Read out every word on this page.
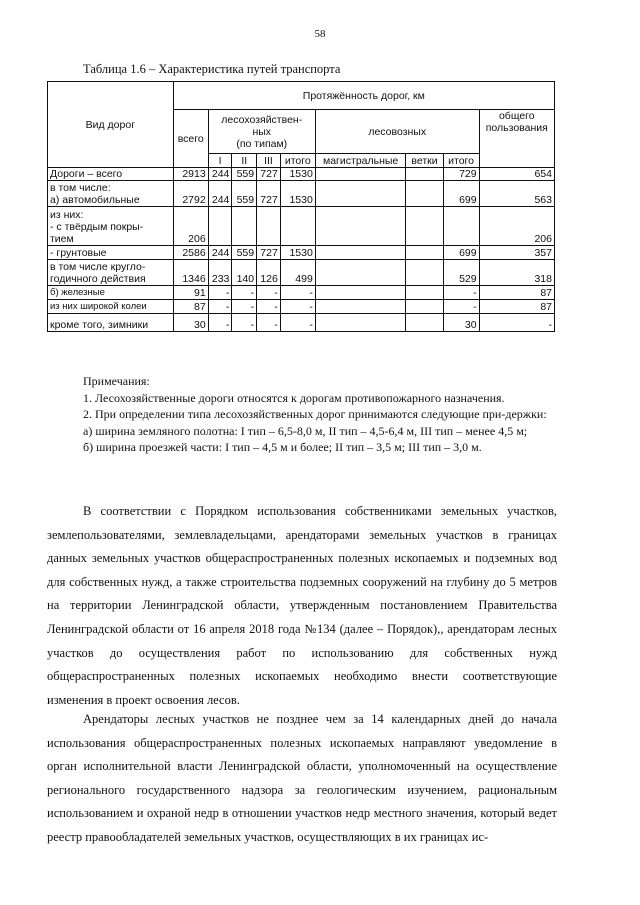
58
Таблица 1.6 – Характеристика путей транспорта
Вид дорог	Протяжённость дорог, км								
	всего	лесохозяйствен-
ных
(по типам)				лесовозных			общего
пользования
		I	II	III	итого	магистральные	ветки	итого	
Дороги – всего	2913	244	559	727	1530			729	654
в том числе:
а) автомобильные	2792	244	559	727	1530			699	563
из них:
- с твёрдым покры-
тием	206								206
- грунтовые	2586	244	559	727	1530			699	357
в том числе кругло-
годичного действия	1346	233	140	126	499			529	318
б) железные	91	-	-	-	-			-	87
из них широкой колеи	87	-	-	-	-			-	87
кроме того, зимники	30	-	-	-	-			30	-

Примечания:

1. Лесохозяйственные дороги относятся к дорогам противопожарного назначения.

2. При определении типа лесохозяйственных дорог принимаются следующие при-держки:

а) ширина земляного полотна: I тип – 6,5-8,0 м, II тип – 4,5-6,4 м, III тип – менее 4,5 м;

б) ширина проезжей части: I тип – 4,5 м и более; II тип – 3,5 м; III тип – 3,0 м.

В соответствии с Порядком использования собственниками земельных участков, землепользователями, землевладельцами, арендаторами земельных участков в границах данных земельных участков общераспространенных полезных ископаемых и подземных вод для собственных нужд, а также строительства подземных сооружений на глубину до 5 метров на территории Ленинградской области, утвержденным постановлением Правительства Ленинградской области от 16 апреля 2018 года №134 (далее – Порядок),, арендаторам лесных участков до осуществления работ по использованию для собственных нужд общераспространенных полезных ископаемых необходимо внести соответствующие изменения в проект освоения лесов.

Арендаторы лесных участков не позднее чем за 14 календарных дней до начала использования общераспространенных полезных ископаемых направляют уведомление в орган исполнительной власти Ленинградской области, уполномоченный на осуществление регионального государственного надзора за геологическим изучением, рациональным использованием и охраной недр в отношении участков недр местного значения, который ведет реестр правообладателей земельных участков, осуществляющих в их границах ис-
